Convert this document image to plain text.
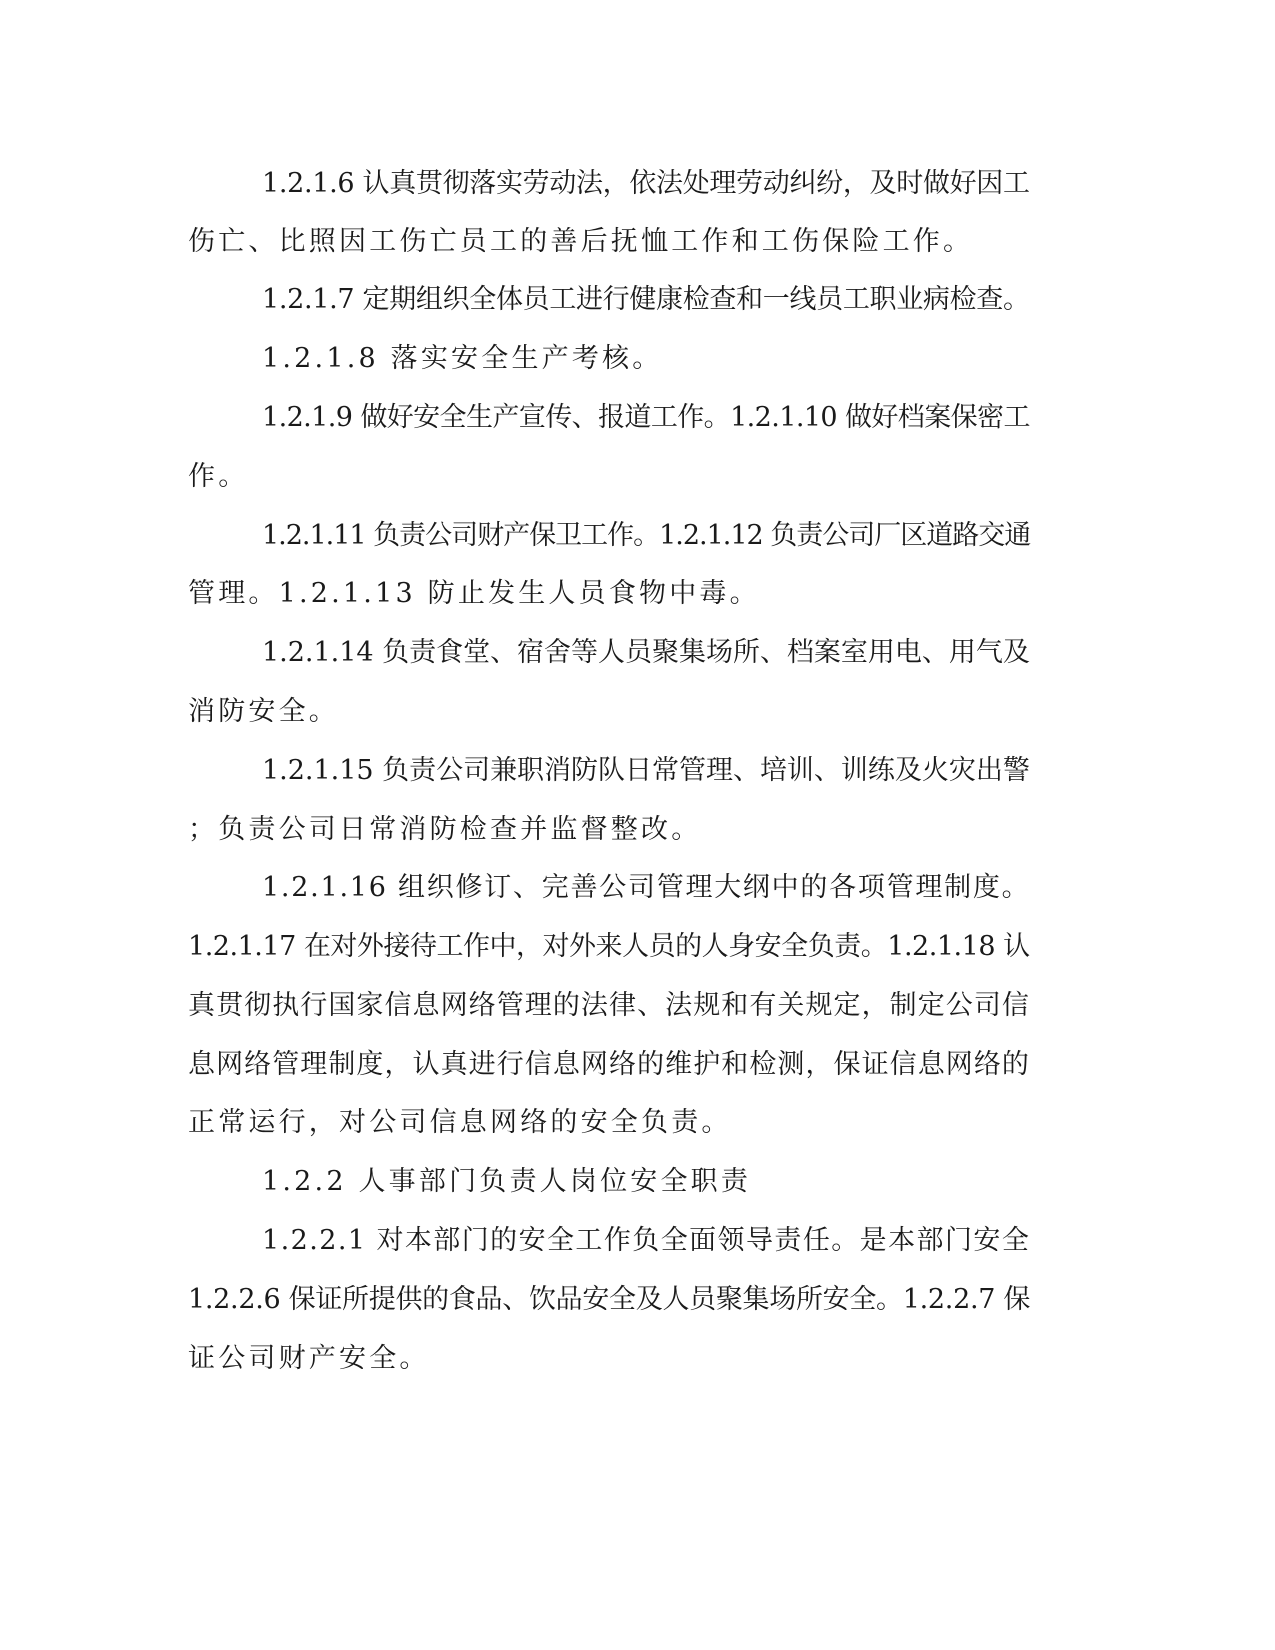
1.2.1.6 认真贯彻落实劳动法，依法处理劳动纠纷，及时做好因工
伤亡、比照因工伤亡员工的善后抚恤工作和工伤保险工作。
1.2.1.7 定期组织全体员工进行健康检查和一线员工职业病检查。
1.2.1.8 落实安全生产考核。
1.2.1.9 做好安全生产宣传、报道工作。1.2.1.10 做好档案保密工
作。
1.2.1.11 负责公司财产保卫工作。1.2.1.12 负责公司厂区道路交通
管理。1.2.1.13 防止发生人员食物中毒。
1.2.1.14 负责食堂、宿舍等人员聚集场所、档案室用电、用气及
消防安全。
1.2.1.15 负责公司兼职消防队日常管理、培训、训练及火灾出警
；负责公司日常消防检查并监督整改。
1.2.1.16 组织修订、完善公司管理大纲中的各项管理制度。
1.2.1.17 在对外接待工作中，对外来人员的人身安全负责。1.2.1.18 认
真贯彻执行国家信息网络管理的法律、法规和有关规定，制定公司信
息网络管理制度，认真进行信息网络的维护和检测，保证信息网络的
正常运行，对公司信息网络的安全负责。
1.2.2 人事部门负责人岗位安全职责
1.2.2.1 对本部门的安全工作负全面领导责任。是本部门安全
1.2.2.6 保证所提供的食品、饮品安全及人员聚集场所安全。1.2.2.7 保
证公司财产安全。
